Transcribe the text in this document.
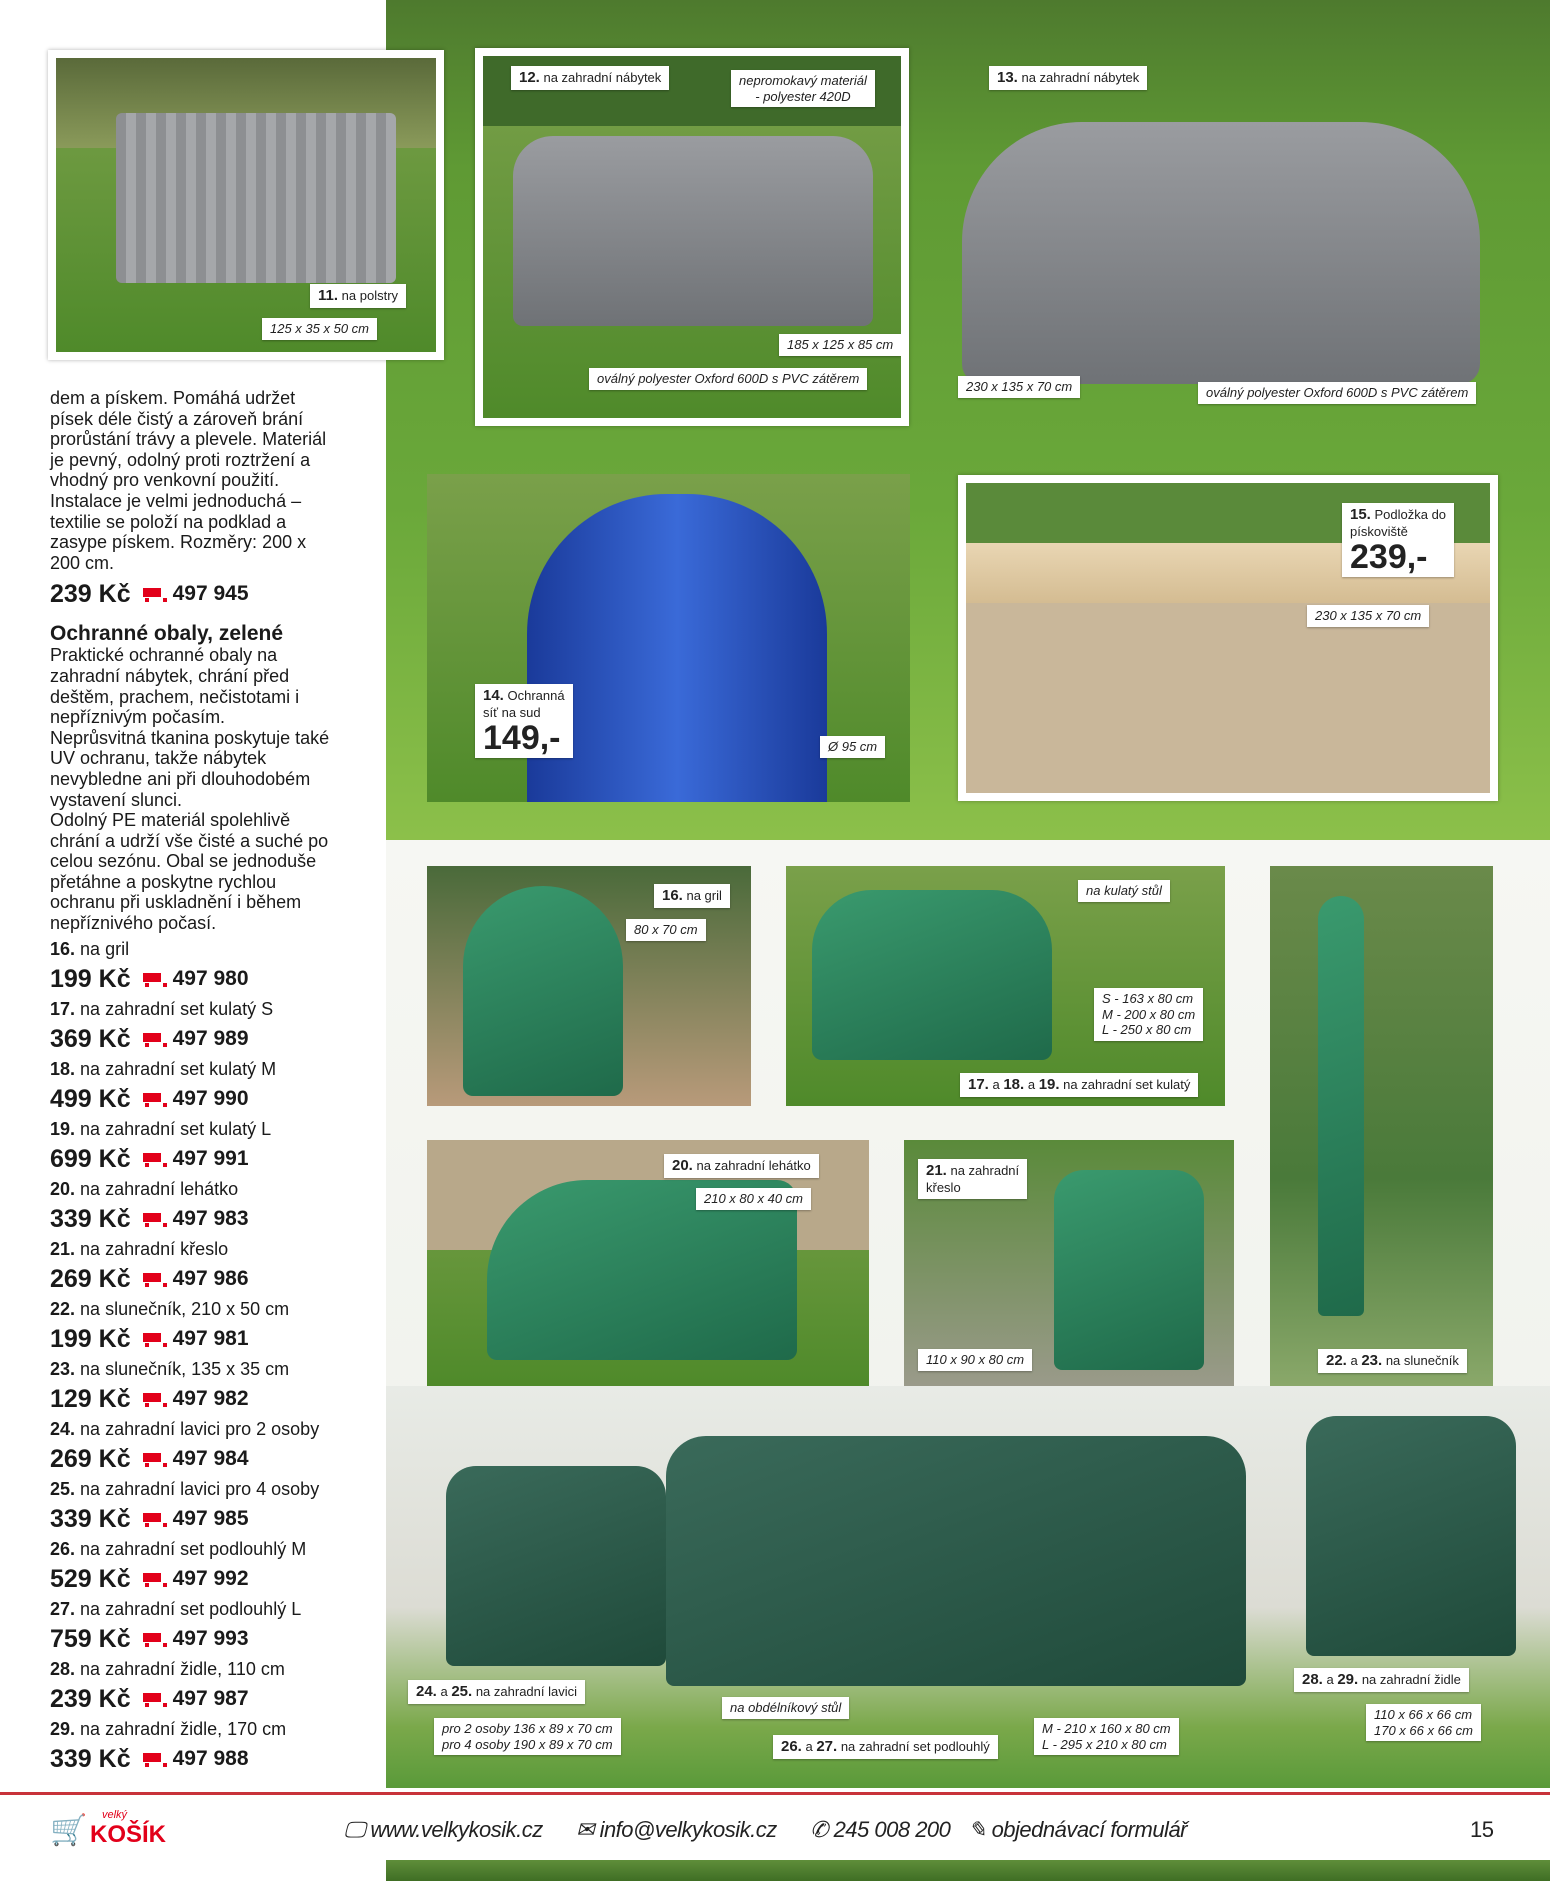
11. na polstry
125 x 35 x 50 cm
13. na zahradní nábytek
230 x 135 x 70 cm	oválný polyester Oxford 600D s PVC zátěrem
12. na zahradní nábytek	nepromokavý materiál
- polyester 420D
185 x 125 x 85 cm
oválný polyester Oxford 600D s PVC zátěrem
14. Ochranná
síť na sud
149,-	Ø 95 cm
15. Podložka do
pískoviště
239,-
230 x 135 x 70 cm
16. na gril
80 x 70 cm
na kulatý stůl
S - 163 x 80 cm
M - 200 x 80 cm
L - 250 x 80 cm
17. a 18. a 19. na zahradní set kulatý
22. a 23. na slunečník
20. na zahradní lehátko
210 x 80 x 40 cm
21. na zahradní
křeslo
110 x 90 x 80 cm
24. a 25. na zahradní lavici
pro 2 osoby 136 x 89 x 70 cm
pro 4 osoby 190 x 89 x 70 cm
na obdélníkový stůl
26. a 27. na zahradní set podlouhlý
M - 210 x 160 x 80 cm
L - 295 x 210 x 80 cm
28. a 29. na zahradní židle
110 x 66 x 66 cm
170 x 66 x 66 cm

dem a pískem. Pomáhá udržet písek déle čistý a zároveň brání prorůstání trávy a plevele. Materiál je pevný, odolný proti roztržení a vhodný pro venkovní použití. Instalace je velmi jednoduchá – textilie se položí na podklad a zasype pískem. Rozměry: 200 x 200 cm.

239 Kč 497 945
Ochranné obaly, zelené

Praktické ochranné obaly na zahradní nábytek, chrání před deštěm, prachem, nečistotami i nepříznivým počasím.

Neprůsvitná tkanina poskytuje také UV ochranu, takže nábytek nevybledne ani při dlouhodobém vystavení slunci.

Odolný PE materiál spolehlivě chrání a udrží vše čisté a suché po celou sezónu. Obal se jednoduše přetáhne a poskytne rychlou ochranu při uskladnění i během nepříznivého počasí.

16. na gril
199 Kč 497 980
17. na zahradní set kulatý S
369 Kč 497 989
18. na zahradní set kulatý M
499 Kč 497 990
19. na zahradní set kulatý L
699 Kč 497 991
20. na zahradní lehátko
339 Kč 497 983
21. na zahradní křeslo
269 Kč 497 986
22. na slunečník, 210 x 50 cm
199 Kč 497 981
23. na slunečník, 135 x 35 cm
129 Kč 497 982
24. na zahradní lavici pro 2 osoby
269 Kč 497 984
25. na zahradní lavici pro 4 osoby
339 Kč 497 985
26. na zahradní set podlouhlý M
529 Kč 497 992
27. na zahradní set podlouhlý L
759 Kč 497 993
28. na zahradní židle, 110 cm
239 Kč 497 987
29. na zahradní židle, 170 cm
339 Kč 497 988
🛒 velký
KOŠÍK	🖵 www.velkykosik.cz ✉ info@velkykosik.cz ✆ 245 008 200 ✎ objednávací formulář	15
